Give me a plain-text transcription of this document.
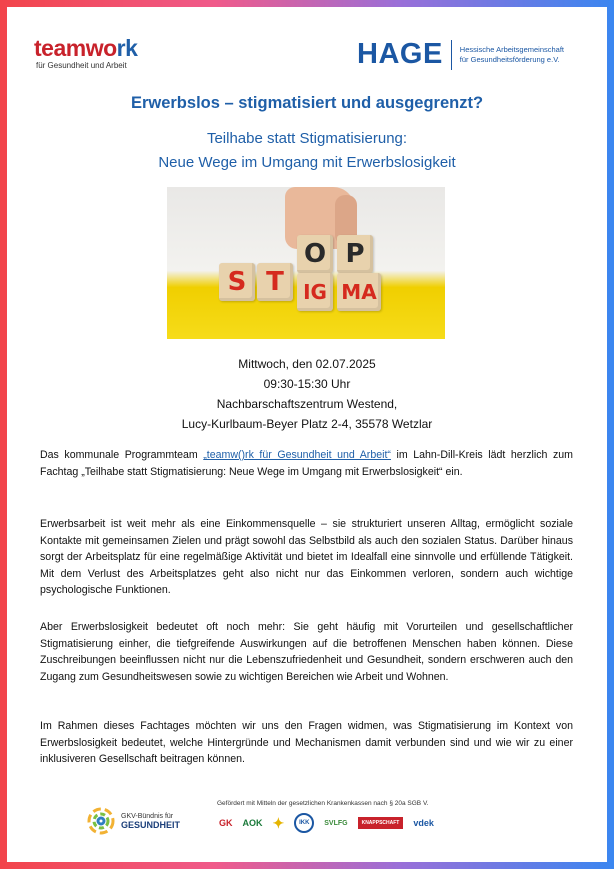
teamwork
für Gesundheit und Arbeit	HAGE Hessische Arbeitsgemeinschaft
für Gesundheitsförderung e.V.
Erwerbslos – stigmatisiert und ausgegrenzt?
Teilhabe statt Stigmatisierung:
Neue Wege im Umgang mit Erwerbslosigkeit
S T
O P
IG MA
Mittwoch, den 02.07.2025
09:30-15:30 Uhr
Nachbarschaftszentrum Westend,
Lucy-Kurlbaum-Beyer Platz 2-4, 35578 Wetzlar

Das kommunale Programmteam „teamw()rk für Gesundheit und Arbeit“ im Lahn-Dill-Kreis lädt herzlich zum Fachtag „Teilhabe statt Stigmatisierung: Neue Wege im Umgang mit Erwerbslosigkeit“ ein.

Erwerbsarbeit ist weit mehr als eine Einkommensquelle – sie strukturiert unseren Alltag, ermöglicht soziale Kontakte mit gemeinsamen Zielen und prägt sowohl das Selbstbild als auch den sozialen Status. Darüber hinaus sorgt der Arbeitsplatz für eine regelmäßige Aktivität und bietet im Idealfall eine sinnvolle und erfüllende Tätigkeit. Mit dem Verlust des Arbeitsplatzes geht also nicht nur das Einkommen verloren, sondern auch wichtige psychologische Funktionen.

Aber Erwerbslosigkeit bedeutet oft noch mehr: Sie geht häufig mit Vorurteilen und gesellschaftlicher Stigmatisierung einher, die tiefgreifende Auswirkungen auf die betroffenen Menschen haben können. Diese Zuschreibungen beeinflussen nicht nur die Lebenszufriedenheit und Gesundheit, sondern erschweren auch den Zugang zum Gesundheitswesen sowie zu wichtigen Bereichen wie Arbeit und Wohnen.

Im Rahmen dieses Fachtages möchten wir uns den Fragen widmen, was Stigmatisierung im Kontext von Erwerbslosigkeit bedeutet, welche Hintergründe und Mechanismen damit verbunden sind und wie wir zu einer inklusiveren Gesellschaft beitragen können.

GKV-Bündnis für
GESUNDHEIT
Gefördert mit Mitteln der gesetzlichen Krankenkassen nach § 20a SGB V.
GK AOK ✦	IKK	SVLFG	KNAPPSCHAFT	vdek
